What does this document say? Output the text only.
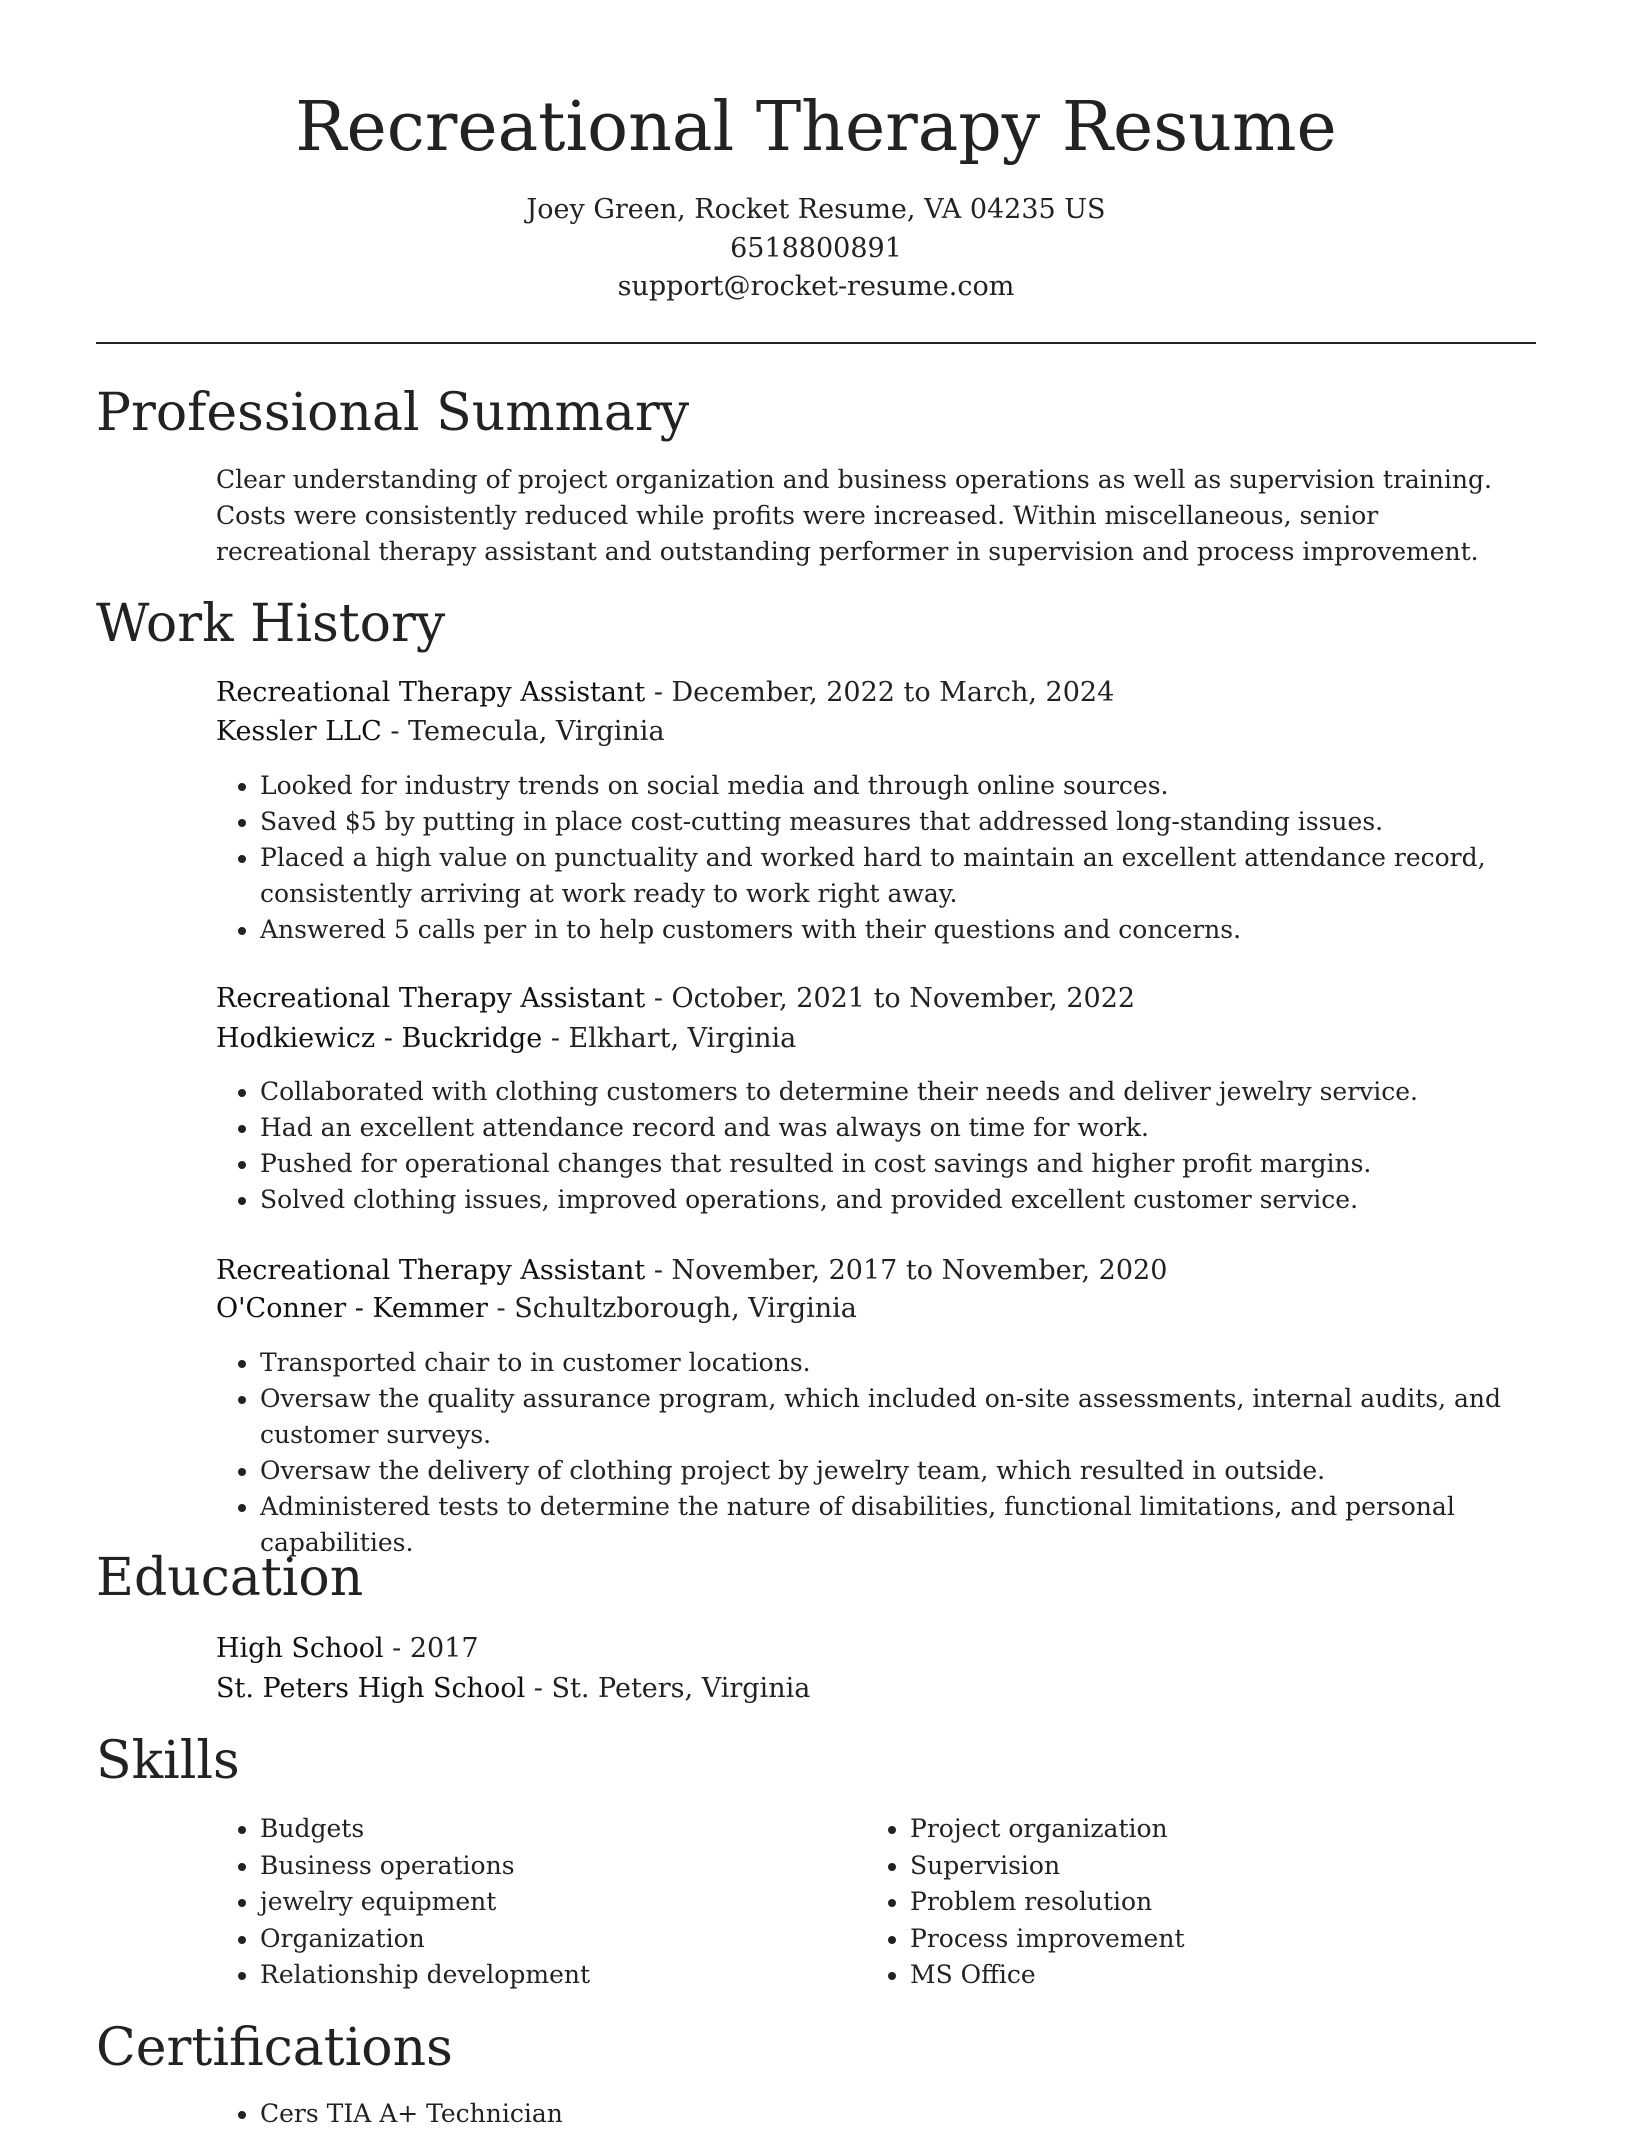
Recreational Therapy Resume
Joey Green, Rocket Resume, VA 04235 US
6518800891
support@rocket-resume.com
Professional Summary
Clear understanding of project organization and business operations as well as supervision training. Costs were consistently reduced while profits were increased. Within miscellaneous, senior recreational therapy assistant and outstanding performer in supervision and process improvement.
Work History
Recreational Therapy Assistant - December, 2022 to March, 2024
Kessler LLC - Temecula, Virginia
• Looked for industry trends on social media and through online sources.
• Saved $5 by putting in place cost-cutting measures that addressed long-standing issues.
• Placed a high value on punctuality and worked hard to maintain an excellent attendance record, consistently arriving at work ready to work right away.
• Answered 5 calls per in to help customers with their questions and concerns.
Recreational Therapy Assistant - October, 2021 to November, 2022
Hodkiewicz - Buckridge - Elkhart, Virginia
• Collaborated with clothing customers to determine their needs and deliver jewelry service.
• Had an excellent attendance record and was always on time for work.
• Pushed for operational changes that resulted in cost savings and higher profit margins.
• Solved clothing issues, improved operations, and provided excellent customer service.
Recreational Therapy Assistant - November, 2017 to November, 2020
O'Conner - Kemmer - Schultzborough, Virginia
• Transported chair to in customer locations.
• Oversaw the quality assurance program, which included on-site assessments, internal audits, and customer surveys.
• Oversaw the delivery of clothing project by jewelry team, which resulted in outside.
• Administered tests to determine the nature of disabilities, functional limitations, and personal capabilities.
Education
High School - 2017
St. Peters High School - St. Peters, Virginia
Skills
• Budgets
• Business operations
• jewelry equipment
• Organization
• Relationship development
• Project organization
• Supervision
• Problem resolution
• Process improvement
• MS Office
Certifications
• Cers TIA A+ Technician
